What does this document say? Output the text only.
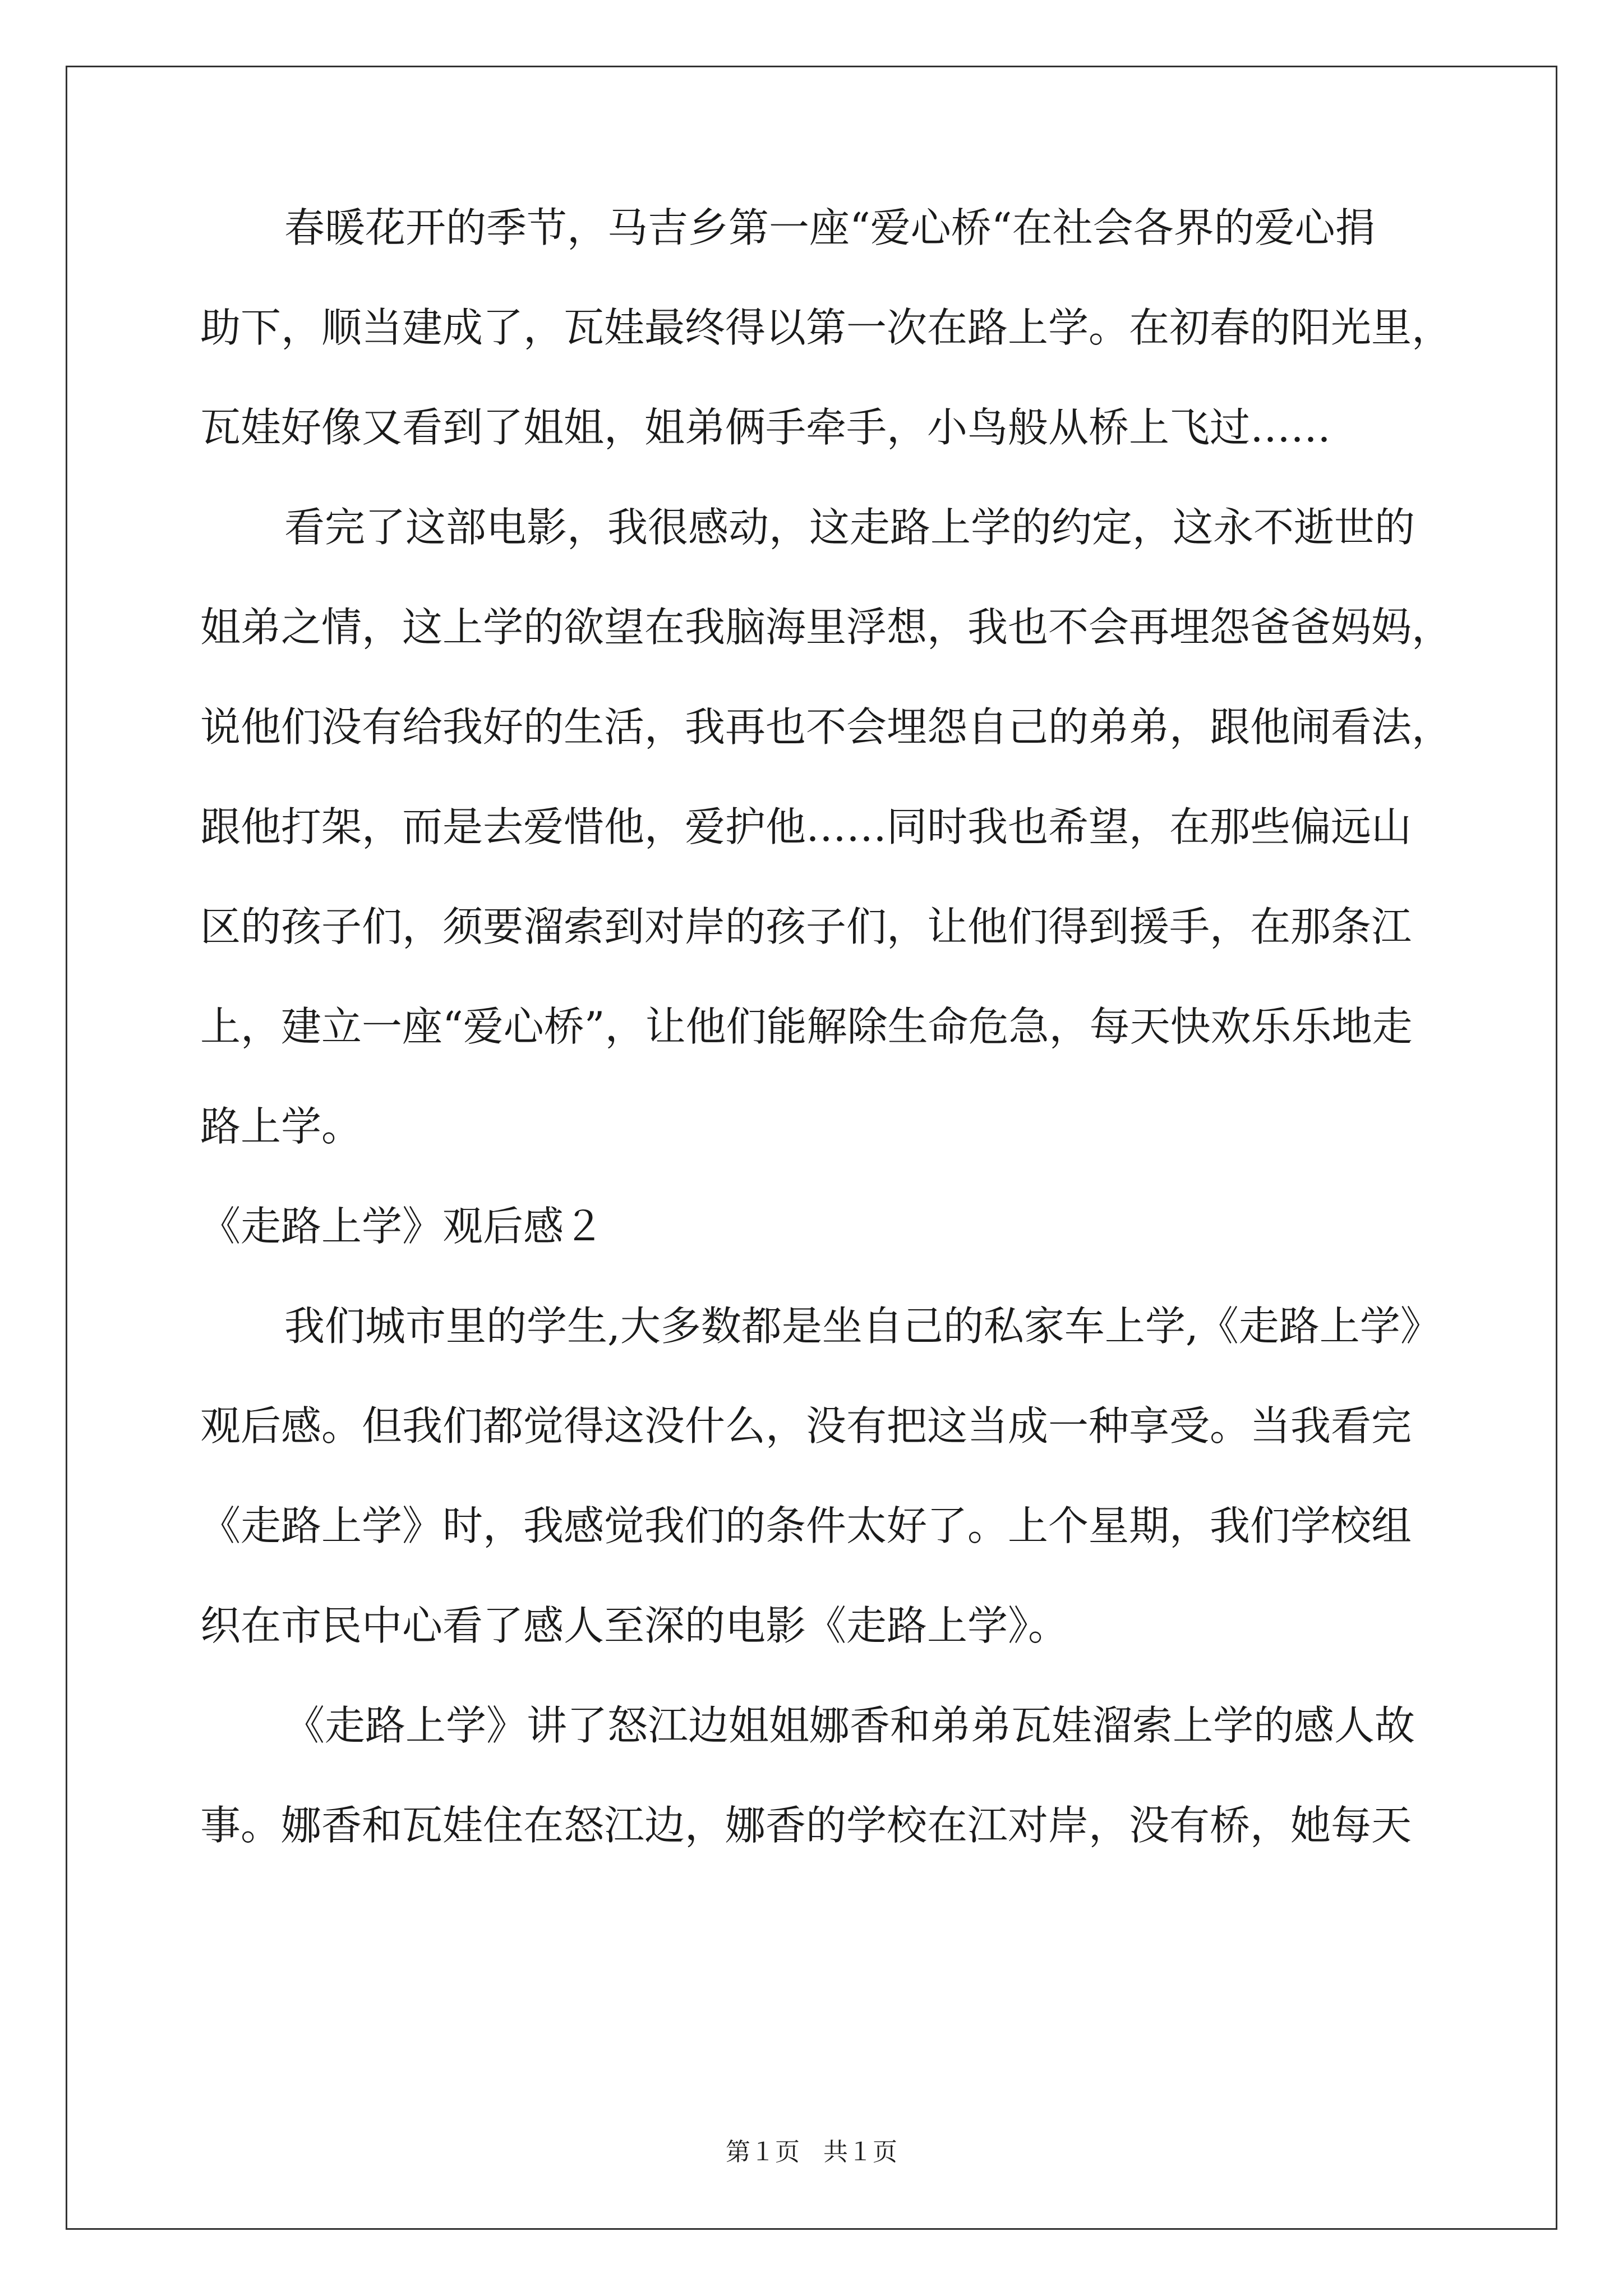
春暖花开的季节，马吉乡第一座“爱心桥“在社会各界的爱心捐
助下，顺当建成了，瓦娃最终得以第一次在路上学。在初春的阳光里，
瓦娃好像又看到了姐姐，姐弟俩手牵手，小鸟般从桥上飞过……
看完了这部电影，我很感动，这走路上学的约定，这永不逝世的
姐弟之情，这上学的欲望在我脑海里浮想，我也不会再埋怨爸爸妈妈，
说他们没有给我好的生活，我再也不会埋怨自己的弟弟，跟他闹看法，
跟他打架，而是去爱惜他，爱护他……同时我也希望，在那些偏远山
区的孩子们，须要溜索到对岸的孩子们，让他们得到援手，在那条江
上，建立一座“爱心桥”，让他们能解除生命危急，每天快欢乐乐地走
路上学。
《走路上学》观后感２
我们城市里的学生,大多数都是坐自己的私家车上学,《走路上学》
观后感。但我们都觉得这没什么，没有把这当成一种享受。当我看完
《走路上学》时，我感觉我们的条件太好了。上个星期，我们学校组
织在市民中心看了感人至深的电影《走路上学》。
《走路上学》讲了怒江边姐姐娜香和弟弟瓦娃溜索上学的感人故
事。娜香和瓦娃住在怒江边，娜香的学校在江对岸，没有桥，她每天
第１页 共１页
